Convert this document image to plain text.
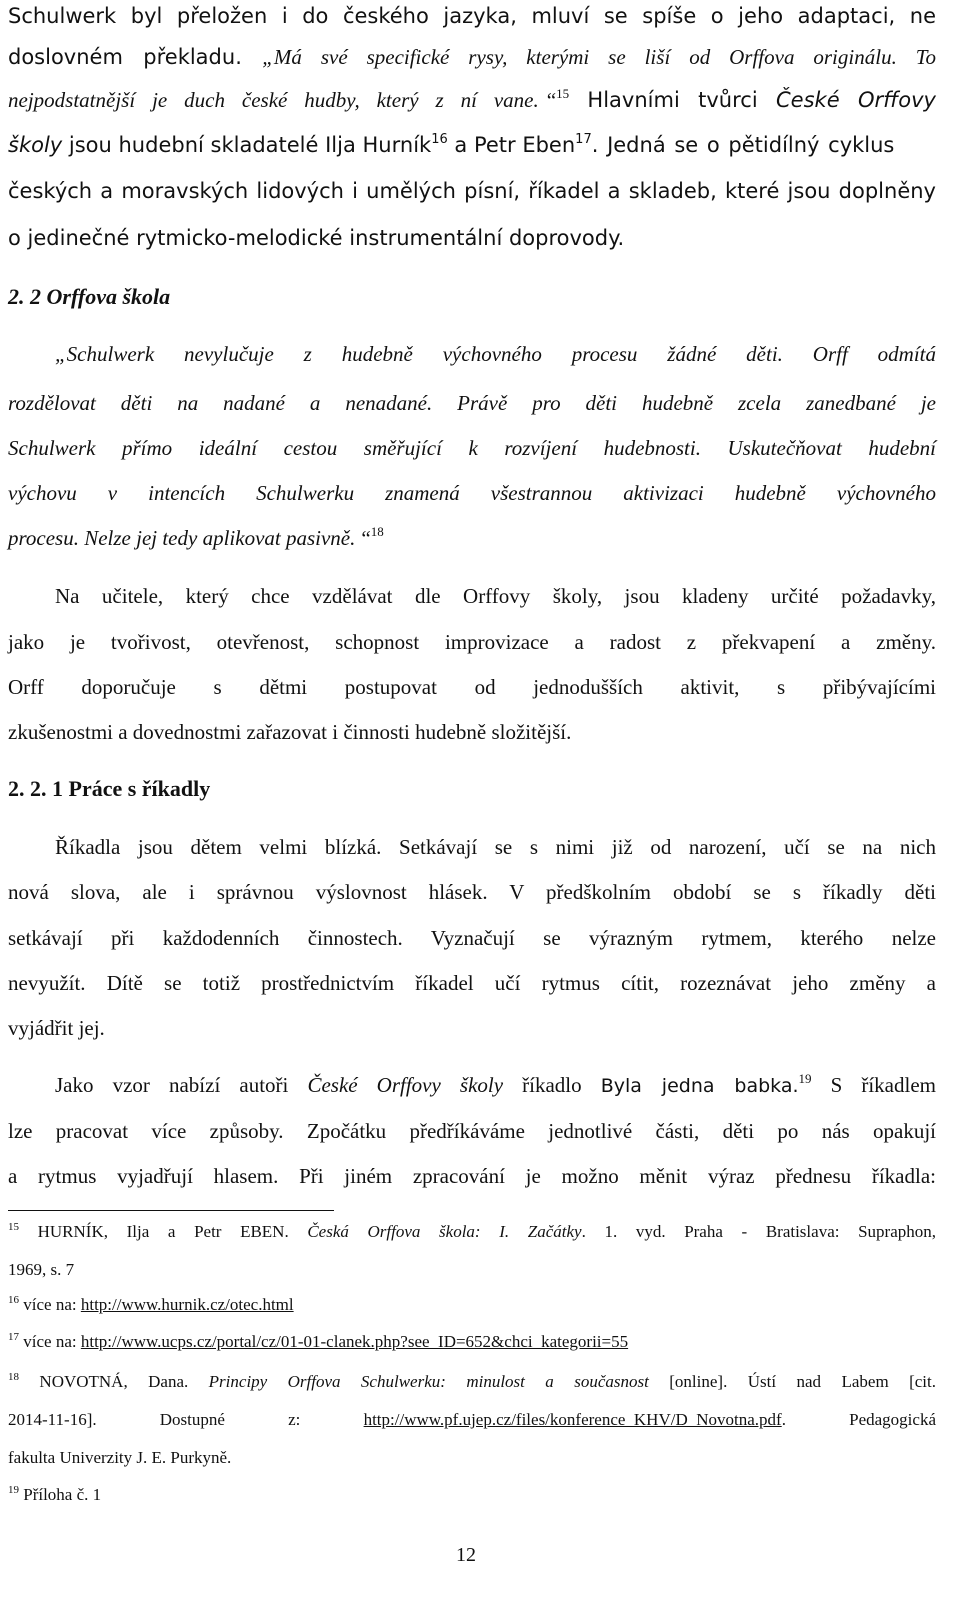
Schulwerk byl přeložen i do českého jazyka, mluví se spíše o jeho adaptaci, ne
doslovném překladu. „Má své specifické rysy, kterými se liší od Orffova originálu. To
nejpodstatnější je duch české hudby, který z ní vane. “$^{15}$ Hlavními tvůrci České Orffovy
školy jsou hudební skladatelé Ilja Hurník$^{16}$ a Petr Eben$^{17}$. Jedná se o pětidílný cyklus
českých a moravských lidových i umělých písní, říkadel a skladeb, které jsou doplněny
o jedinečné rytmicko-melodické instrumentální doprovody.
2. 2 Orffova škola
„Schulwerk nevylučuje z hudebně výchovného procesu žádné děti. Orff odmítá
rozdělovat děti na nadané a nenadané. Právě pro děti hudebně zcela zanedbané je
Schulwerk přímo ideální cestou směřující k rozvíjení hudebnosti. Uskutečňovat hudební
výchovu v intencích Schulwerku znamená všestrannou aktivizaci hudebně výchovného
procesu. Nelze jej tedy aplikovat pasivně. “$^{18}$
Na učitele, který chce vzdělávat dle Orffovy školy, jsou kladeny určité požadavky,
jako je tvořivost, otevřenost, schopnost improvizace a radost z překvapení a změny.
Orff doporučuje s dětmi postupovat od jednodušších aktivit, s přibývajícími
zkušenostmi a dovednostmi zařazovat i činnosti hudebně složitější.
2. 2. 1 Práce s říkadly
Říkadla jsou dětem velmi blízká. Setkávají se s nimi již od narození, učí se na nich
nová slova, ale i správnou výslovnost hlásek. V předškolním období se s říkadly děti
setkávají při každodenních činnostech. Vyznačují se výrazným rytmem, kterého nelze
nevyužít. Dítě se totiž prostřednictvím říkadel učí rytmus cítit, rozeznávat jeho změny a
vyjádřit jej.
Jako vzor nabízí autoři České Orffovy školy říkadlo Byla jedna babka.$^{19}$ S říkadlem
lze pracovat více způsoby. Zpočátku předříkáváme jednotlivé části, děti po nás opakují
a rytmus vyjadřují hlasem. Při jiném zpracování je možno měnit výraz přednesu říkadla:
$^{15}$ HURNÍK, Ilja a Petr EBEN. Česká Orffova škola: I. Začátky. 1. vyd. Praha - Bratislava: Supraphon,
1969, s. 7
$^{16}$ více na: http://www.hurnik.cz/otec.html
$^{17}$ více na: http://www.ucps.cz/portal/cz/01-01-clanek.php?see_ID=652&chci_kategorii=55
$^{18}$ NOVOTNÁ, Dana. Principy Orffova Schulwerku: minulost a současnost [online]. Ústí nad Labem [cit.
2014-11-16]. Dostupné z: http://www.pf.ujep.cz/files/konference_KHV/D_Novotna.pdf. Pedagogická
fakulta Univerzity J. E. Purkyně.
$^{19}$ Příloha č. 1
12
